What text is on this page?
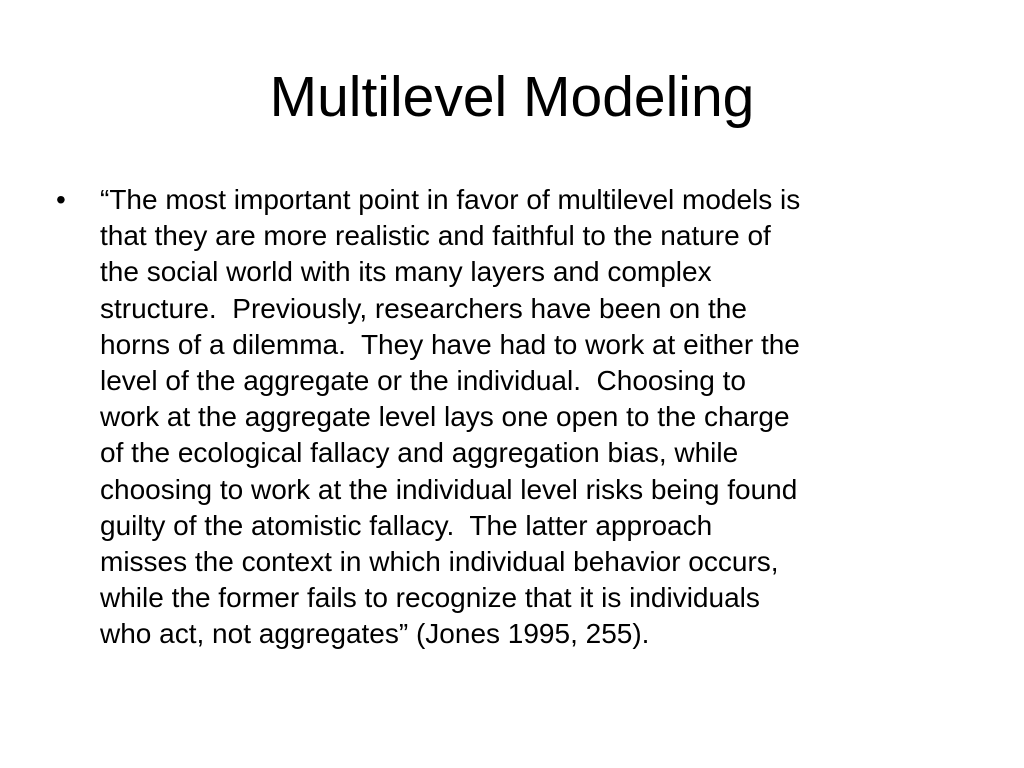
Multilevel Modeling
• “The most important point in favor of multilevel models is
that they are more realistic and faithful to the nature of
the social world with its many layers and complex
structure.  Previously, researchers have been on the
horns of a dilemma.  They have had to work at either the
level of the aggregate or the individual.  Choosing to
work at the aggregate level lays one open to the charge
of the ecological fallacy and aggregation bias, while
choosing to work at the individual level risks being found
guilty of the atomistic fallacy.  The latter approach
misses the context in which individual behavior occurs,
while the former fails to recognize that it is individuals
who act, not aggregates” (Jones 1995, 255).
